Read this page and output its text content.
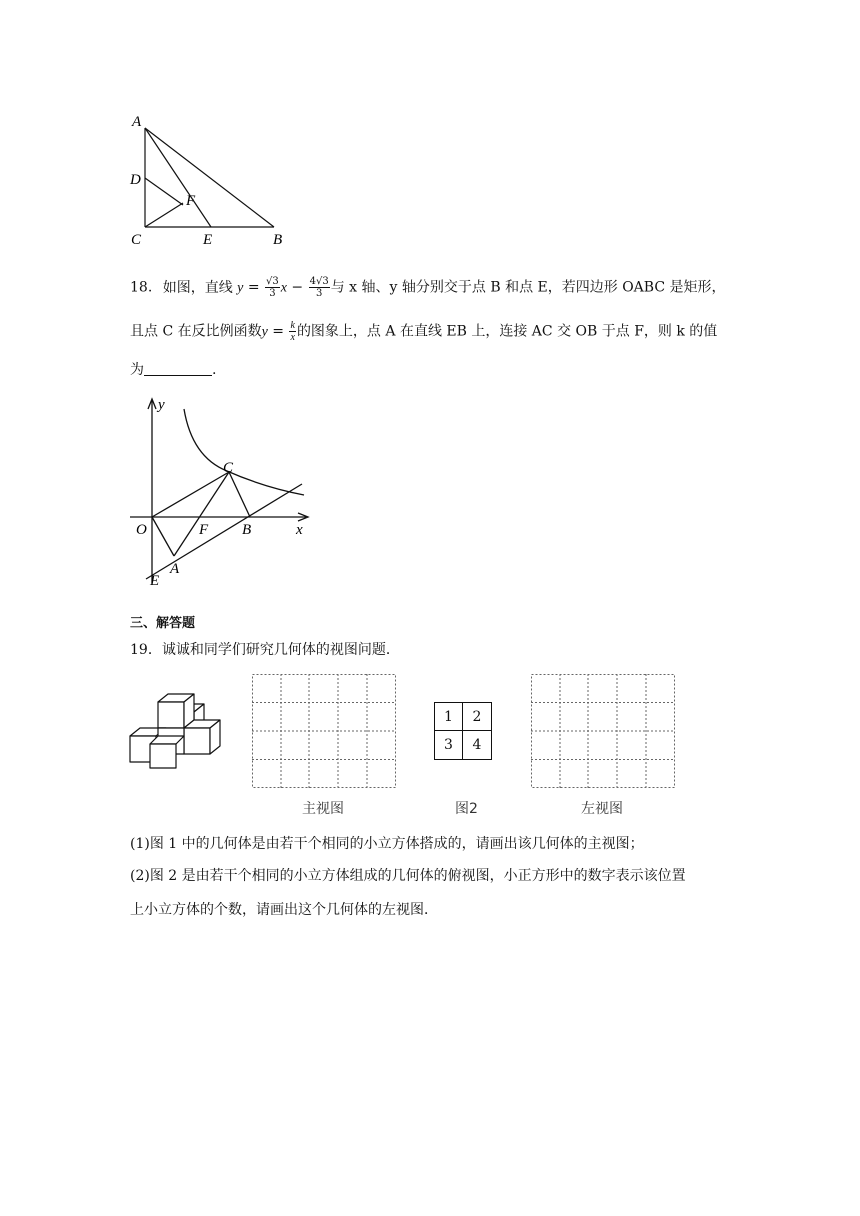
A
D
F
C	E	B
18. 如图，直线 $y = \frac{√3}{3}$ $x - \frac{4√3}{3}$ 与 x 轴、y 轴分别交于点 B 和点 E，若四边形 OABC 是矩形，
且点 C 在反比例函数$y = \frac{k}{x}$ 的图象上，点 A 在直线 EB 上，连接 AC 交 OB 于点 F，则 k 的值
为	.
y
x
O
C
F B
A
E
三、解答题
19．诚诚和同学们研究几何体的视图问题．
主视图
1 2
3 4
图2	左视图
(1)图 1 中的几何体是由若干个相同的小立方体搭成的，请画出该几何体的主视图；
(2)图 2 是由若干个相同的小立方体组成的几何体的俯视图，小正方形中的数字表示该位置
上小立方体的个数，请画出这个几何体的左视图．
